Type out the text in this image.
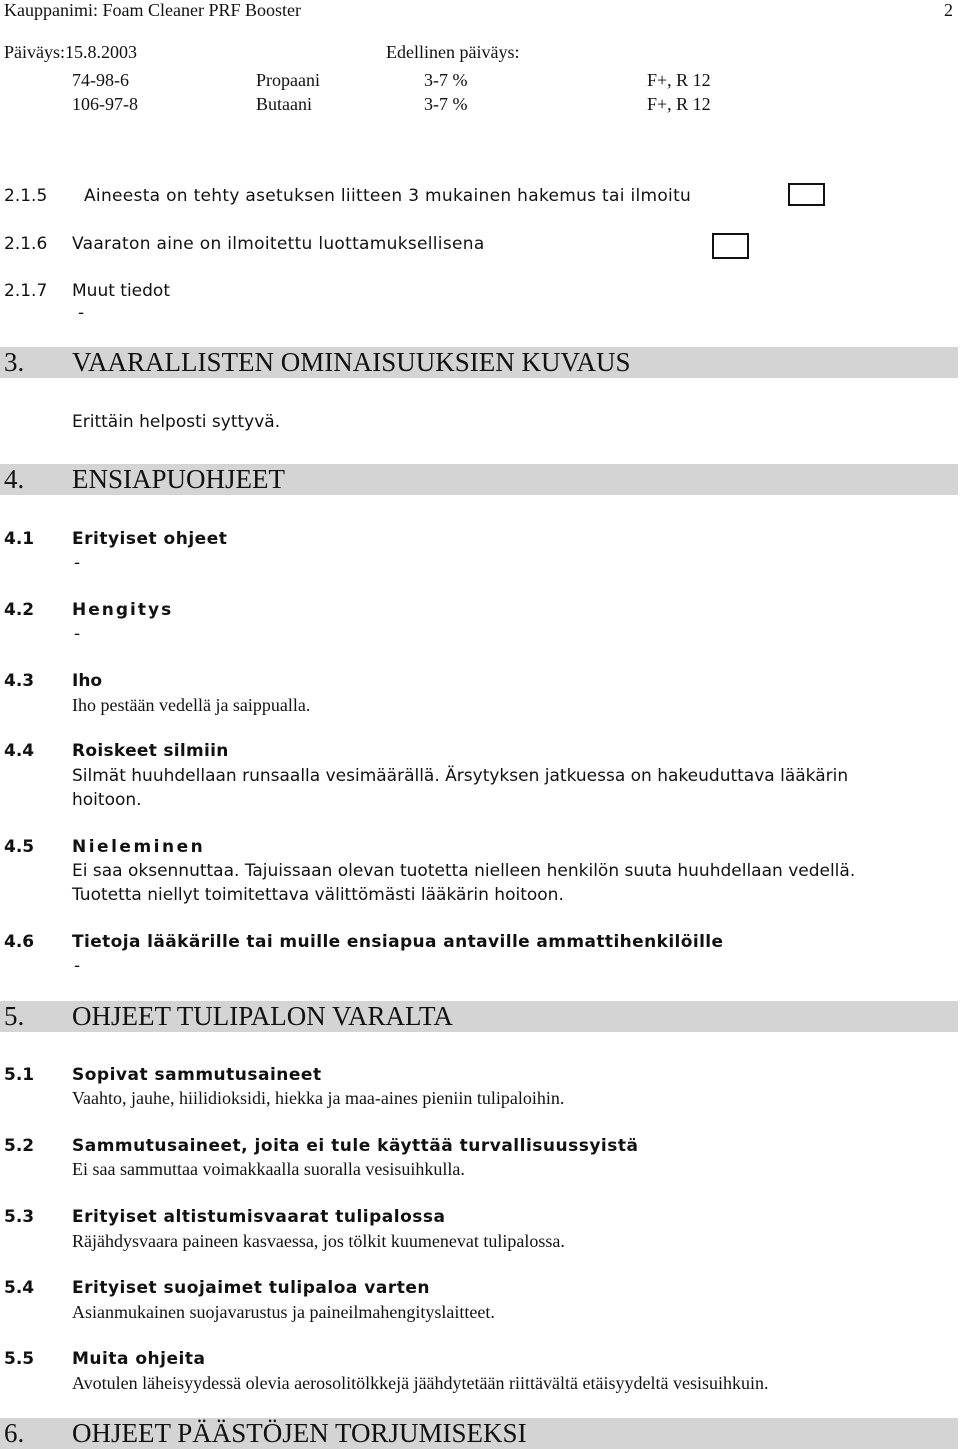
Kauppanimi: Foam Cleaner PRF Booster	2
Päiväys:15.8.2003	Edellinen päiväys:
74-98-6	Propaani	3-7 %	F+, R 12
106-97-8	Butaani	3-7 %	F+, R 12
2.1.5 Aineesta on tehty asetuksen liitteen 3 mukainen hakemus tai ilmoitu
2.1.6 Vaaraton aine on ilmoitettu luottamuksellisena
2.1.7 Muut tiedot
-
3. VAARALLISTEN OMINAISUUKSIEN KUVAUS
Erittäin helposti syttyvä.
4. ENSIAPUOHJEET
4.1 Erityiset ohjeet
-
4.2 Hengitys
-
4.3 Iho
Iho pestään vedellä ja saippualla.
4.4 Roiskeet silmiin
Silmät huuhdellaan runsaalla vesimäärällä. Ärsytyksen jatkuessa on hakeuduttava lääkärin
hoitoon.
4.5 Nieleminen
Ei saa oksennuttaa. Tajuissaan olevan tuotetta nielleen henkilön suuta huuhdellaan vedellä.
Tuotetta niellyt toimitettava välittömästi lääkärin hoitoon.
4.6 Tietoja lääkärille tai muille ensiapua antaville ammattihenkilöille
-
5. OHJEET TULIPALON VARALTA
5.1 Sopivat sammutusaineet
Vaahto, jauhe, hiilidioksidi, hiekka ja maa-aines pieniin tulipaloihin.
5.2 Sammutusaineet, joita ei tule käyttää turvallisuussyistä
Ei saa sammuttaa voimakkaalla suoralla vesisuihkulla.
5.3 Erityiset altistumisvaarat tulipalossa
Räjähdysvaara paineen kasvaessa, jos tölkit kuumenevat tulipalossa.
5.4 Erityiset suojaimet tulipaloa varten
Asianmukainen suojavarustus ja paineilmahengityslaitteet.
5.5 Muita ohjeita
Avotulen läheisyydessä olevia aerosolitölkkejä jäähdytetään riittävältä etäisyydeltä vesisuihkuin.
6. OHJEET PÄÄSTÖJEN TORJUMISEKSI
